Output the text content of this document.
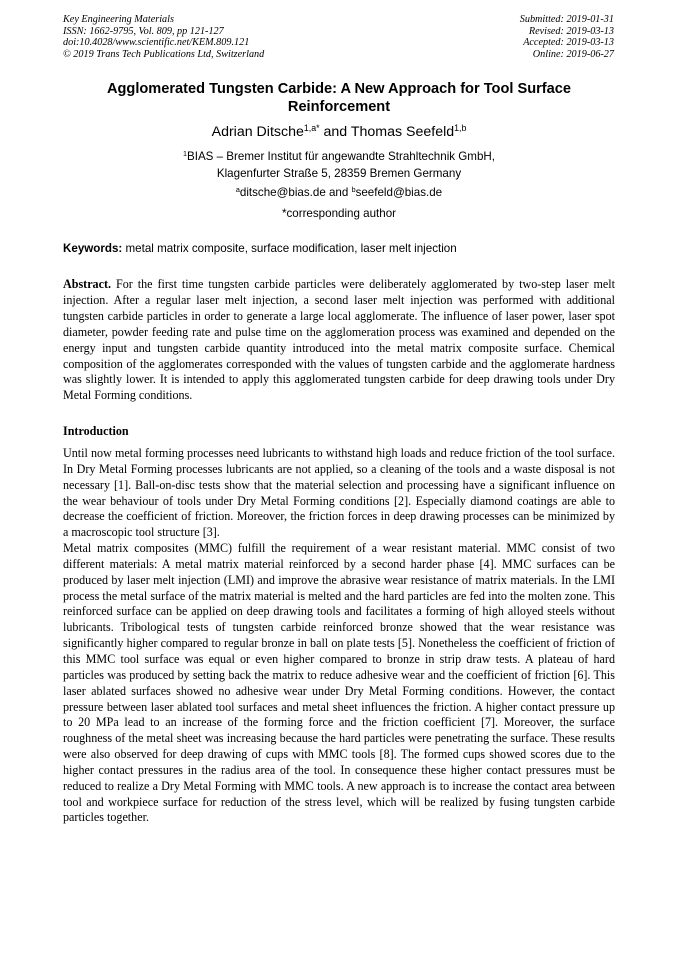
Key Engineering Materials
ISSN: 1662-9795, Vol. 809, pp 121-127
doi:10.4028/www.scientific.net/KEM.809.121
© 2019 Trans Tech Publications Ltd, Switzerland
Submitted: 2019-01-31
Revised: 2019-03-13
Accepted: 2019-03-13
Online: 2019-06-27
Agglomerated Tungsten Carbide: A New Approach for Tool Surface
Reinforcement
Adrian Ditsche$^{1,a*}$ and Thomas Seefeld$^{1,b}$
$^1$BIAS – Bremer Institut für angewandte Strahltechnik GmbH,
Klagenfurter Straße 5, 28359 Bremen Germany
$^a$ditsche@bias.de and $^b$seefeld@bias.de
*corresponding author
Keywords: metal matrix composite, surface modification, laser melt injection
Abstract. For the first time tungsten carbide particles were deliberately agglomerated by two-step laser melt injection. After a regular laser melt injection, a second laser melt injection was performed with additional tungsten carbide particles in order to generate a large local agglomerate. The influence of laser power, laser spot diameter, powder feeding rate and pulse time on the agglomeration process was examined and depended on the energy input and tungsten carbide quantity introduced into the metal matrix composite surface. Chemical composition of the agglomerates corresponded with the values of tungsten carbide and the agglomerate hardness was slightly lower. It is intended to apply this agglomerated tungsten carbide for deep drawing tools under Dry Metal Forming conditions.
Introduction

Until now metal forming processes need lubricants to withstand high loads and reduce friction of the tool surface. In Dry Metal Forming processes lubricants are not applied, so a cleaning of the tools and a waste disposal is not necessary [1]. Ball-on-disc tests show that the material selection and processing have a significant influence on the wear behaviour of tools under Dry Metal Forming conditions [2]. Especially diamond coatings are able to decrease the coefficient of friction. Moreover, the friction forces in deep drawing processes can be minimized by a macroscopic tool structure [3].

Metal matrix composites (MMC) fulfill the requirement of a wear resistant material. MMC consist of two different materials: A metal matrix material reinforced by a second harder phase [4]. MMC surfaces can be produced by laser melt injection (LMI) and improve the abrasive wear resistance of matrix materials. In the LMI process the metal surface of the matrix material is melted and the hard particles are fed into the molten zone. This reinforced surface can be applied on deep drawing tools and facilitates a forming of high alloyed steels without lubricants. Tribological tests of tungsten carbide reinforced bronze showed that the wear resistance was significantly higher compared to regular bronze in ball on plate tests [5]. Nonetheless the coefficient of friction of this MMC tool surface was equal or even higher compared to bronze in strip draw tests. A plateau of hard particles was produced by setting back the matrix to reduce adhesive wear and the coefficient of friction [6]. This laser ablated surfaces showed no adhesive wear under Dry Metal Forming conditions. However, the contact pressure between laser ablated tool surfaces and metal sheet influences the friction. A higher contact pressure up to 20 MPa lead to an increase of the forming force and the friction coefficient [7]. Moreover, the surface roughness of the metal sheet was increasing because the hard particles were penetrating the surface. These results were also observed for deep drawing of cups with MMC tools [8]. The formed cups showed scores due to the higher contact pressures in the radius area of the tool. In consequence these higher contact pressures must be reduced to realize a Dry Metal Forming with MMC tools. A new approach is to increase the contact area between tool and workpiece surface for reduction of the stress level, which will be realized by fusing tungsten carbide particles together.
